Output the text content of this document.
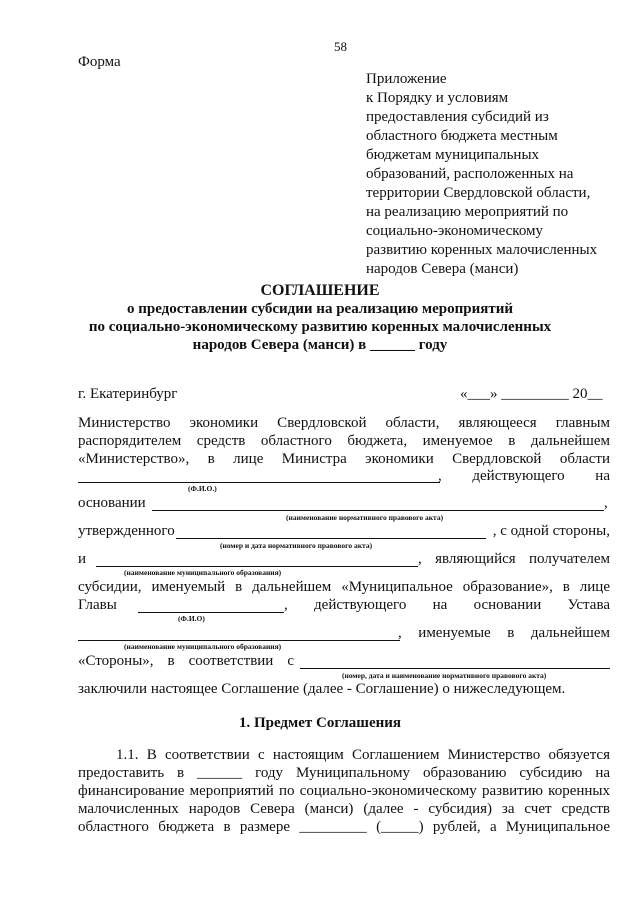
58
Форма
Приложение
к Порядку и условиям
предоставления субсидий из
областного бюджета местным
бюджетам муниципальных
образований, расположенных на
территории Свердловской области,
на реализацию мероприятий по
социально-экономическому
развитию коренных малочисленных
народов Севера (манси)
СОГЛАШЕНИЕ
о предоставлении субсидии на реализацию мероприятий
по социально-экономическому развитию коренных малочисленных
народов Севера (манси) в ______ году
г. Екатеринбург	«___» _________ 20__
Министерство экономики Свердловской области, являющееся главным
распорядителем средств областного бюджета, именуемое в дальнейшем
«Министерство», в лице Министра экономики Свердловской области
, действующего на
(Ф.И.О.)
основании	,
(наименование нормативного правового акта)
утвержденного	, с одной стороны,
(номер и дата нормативного правового акта)
и	, являющийся получателем
(наименование муниципального образования)
субсидии, именуемый в дальнейшем «Муниципальное образование», в лице
Главы	, действующего на основании Устава
(Ф.И.О)
, именуемые в дальнейшем
(наименование муниципального образования)
«Стороны», в соответствии с
(номер, дата и наименование нормативного правового акта)
заключили настоящее Соглашение (далее - Соглашение) о нижеследующем.
1. Предмет Соглашения
1.1. В соответствии с настоящим Соглашением Министерство обязуется
предоставить в ______ году Муниципальному образованию субсидию на
финансирование мероприятий по социально-экономическому развитию коренных
малочисленных народов Севера (манси) (далее - субсидия) за счет средств
областного бюджета в размере _________ (_____) рублей, а Муниципальное
